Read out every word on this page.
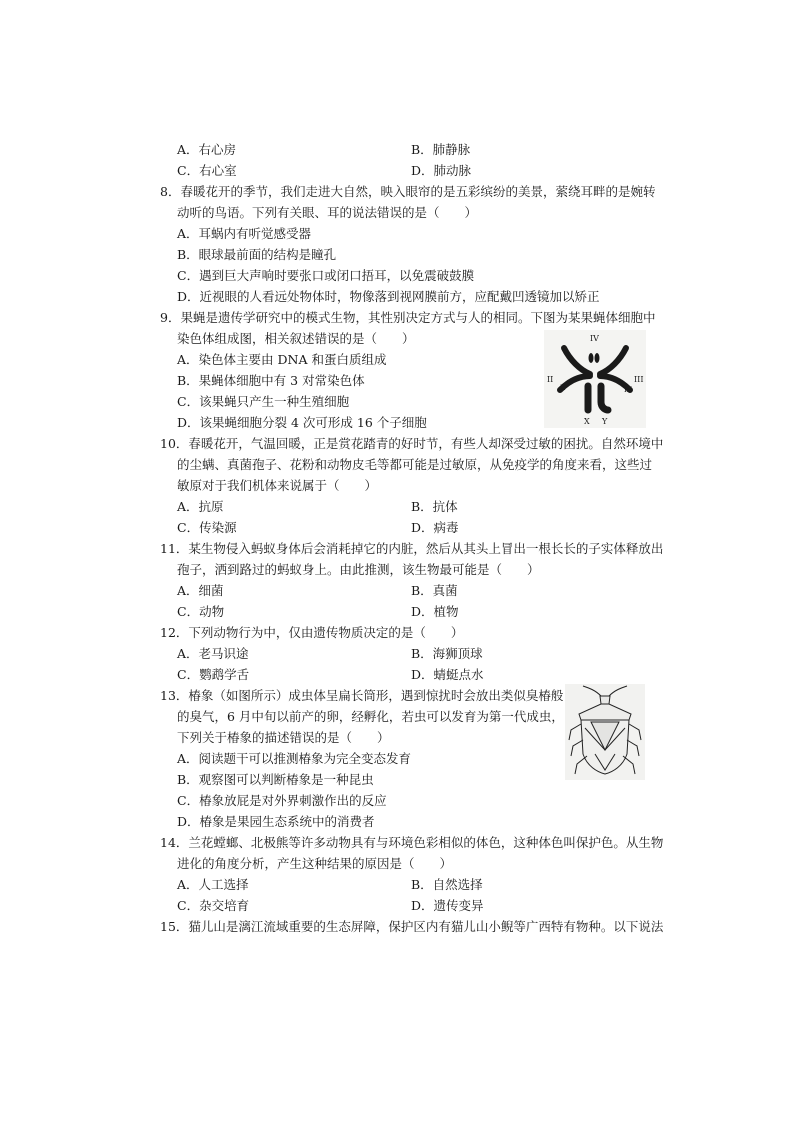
A．右心房	B．肺静脉
C．右心室	D．肺动脉
8．春暖花开的季节，我们走进大自然，映入眼帘的是五彩缤纷的美景，萦绕耳畔的是婉转
动听的鸟语。下列有关眼、耳的说法错误的是（　　）
A．耳蜗内有听觉感受器
B．眼球最前面的结构是瞳孔
C．遇到巨大声响时要张口或闭口捂耳，以免震破鼓膜
D．近视眼的人看远处物体时，物像落到视网膜前方，应配戴凹透镜加以矫正
9．果蝇是遗传学研究中的模式生物，其性别决定方式与人的相同。下图为某果蝇体细胞中
染色体组成图，相关叙述错误的是（　　）
A．染色体主要由 DNA 和蛋白质组成
B．果蝇体细胞中有 3 对常染色体
C．该果蝇只产生一种生殖细胞
D．该果蝇细胞分裂 4 次可形成 16 个子细胞
IV
II
II
III
III
X Y
10．春暖花开，气温回暖，正是赏花踏青的好时节，有些人却深受过敏的困扰。自然环境中
的尘螨、真菌孢子、花粉和动物皮毛等都可能是过敏原，从免疫学的角度来看，这些过
敏原对于我们机体来说属于（　　）
A．抗原	B．抗体
C．传染源	D．病毒
11．某生物侵入蚂蚁身体后会消耗掉它的内脏，然后从其头上冒出一根长长的子实体释放出
孢子，洒到路过的蚂蚁身上。由此推测，该生物最可能是（　　）
A．细菌	B．真菌
C．动物	D．植物
12．下列动物行为中，仅由遗传物质决定的是（　　）
A．老马识途	B．海狮顶球
C．鹦鹉学舌	D．蜻蜓点水
13．椿象（如图所示）成虫体呈扁长筒形，遇到惊扰时会放出类似臭椿般
的臭气，6 月中旬以前产的卵，经孵化，若虫可以发育为第一代成虫，
下列关于椿象的描述错误的是（　　）
A．阅读题干可以推测椿象为完全变态发育
B．观察图可以判断椿象是一种昆虫
C．椿象放屁是对外界刺激作出的反应
D．椿象是果园生态系统中的消费者
14．兰花螳螂、北极熊等许多动物具有与环境色彩相似的体色，这种体色叫保护色。从生物
进化的角度分析，产生这种结果的原因是（　　）
A．人工选择	B．自然选择
C．杂交培育	D．遗传变异
15．猫儿山是漓江流域重要的生态屏障，保护区内有猫儿山小鲵等广西特有物种。以下说法
